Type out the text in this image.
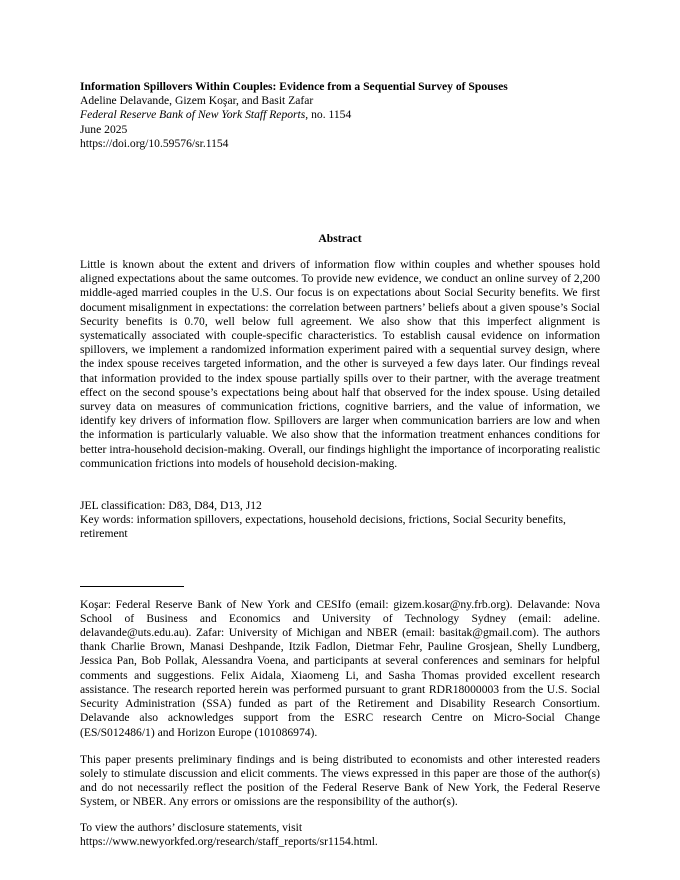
Information Spillovers Within Couples: Evidence from a Sequential Survey of Spouses

Adeline Delavande, Gizem Koşar, and Basit Zafar

Federal Reserve Bank of New York Staff Reports, no. 1154

June 2025

https://doi.org/10.59576/sr.1154

Abstract

Little is known about the extent and drivers of information flow within couples and whether spouses hold aligned expectations about the same outcomes. To provide new evidence, we conduct an online survey of 2,200 middle-aged married couples in the U.S. Our focus is on expectations about Social Security benefits. We first document misalignment in expectations: the correlation between partners’ beliefs about a given spouse’s Social Security benefits is 0.70, well below full agreement. We also show that this imperfect alignment is systematically associated with couple-specific characteristics. To establish causal evidence on information spillovers, we implement a randomized information experiment paired with a sequential survey design, where the index spouse receives targeted information, and the other is surveyed a few days later. Our findings reveal that information provided to the index spouse partially spills over to their partner, with the average treatment effect on the second spouse’s expectations being about half that observed for the index spouse. Using detailed survey data on measures of communication frictions, cognitive barriers, and the value of information, we identify key drivers of information flow. Spillovers are larger when communication barriers are low and when the information is particularly valuable. We also show that the information treatment enhances conditions for better intra-household decision-making. Overall, our findings highlight the importance of incorporating realistic communication frictions into models of household decision-making.

JEL classification: D83, D84, D13, J12

Key words: information spillovers, expectations, household decisions, frictions, Social Security benefits, retirement

Koşar: Federal Reserve Bank of New York and CESIfo (email: gizem.kosar@ny.frb.org). Delavande: Nova School of Business and Economics and University of Technology Sydney (email: adeline. delavande@uts.edu.au). Zafar: University of Michigan and NBER (email: basitak@gmail.com). The authors thank Charlie Brown, Manasi Deshpande, Itzik Fadlon, Dietmar Fehr, Pauline Grosjean, Shelly Lundberg, Jessica Pan, Bob Pollak, Alessandra Voena, and participants at several conferences and seminars for helpful comments and suggestions. Felix Aidala, Xiaomeng Li, and Sasha Thomas provided excellent research assistance. The research reported herein was performed pursuant to grant RDR18000003 from the U.S. Social Security Administration (SSA) funded as part of the Retirement and Disability Research Consortium. Delavande also acknowledges support from the ESRC research Centre on Micro-Social Change (ES/S012486/1) and Horizon Europe (101086974).

This paper presents preliminary findings and is being distributed to economists and other interested readers solely to stimulate discussion and elicit comments. The views expressed in this paper are those of the author(s) and do not necessarily reflect the position of the Federal Reserve Bank of New York, the Federal Reserve System, or NBER. Any errors or omissions are the responsibility of the author(s).

To view the authors’ disclosure statements, visit

https://www.newyorkfed.org/research/staff_reports/sr1154.html.
